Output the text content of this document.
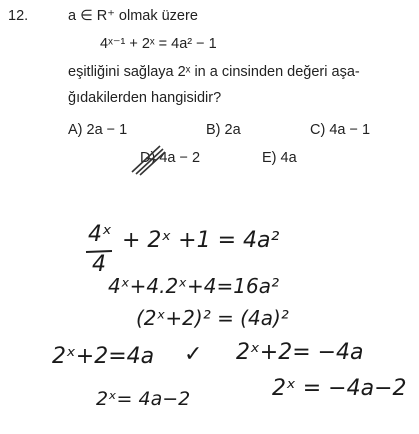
12.	a ∈ R⁺ olmak üzere
4ˣ⁻¹ + 2ˣ = 4a² − 1
eşitliğini sağlaya 2ˣ in a cinsinden değeri aşa-
ğıdakilerden hangisidir?
A) 2a − 1	B) 2a	C) 4a − 1
D) 4a − 2	E) 4a
4ˣ
4
+ 2ˣ +1 = 4a²
4ˣ+4.2ˣ+4=16a²
(2ˣ+2)² = (4a)²
2ˣ+2=4a ✓ 2ˣ+2= −4a
2ˣ= 4a−2	2ˣ = −4a−2
